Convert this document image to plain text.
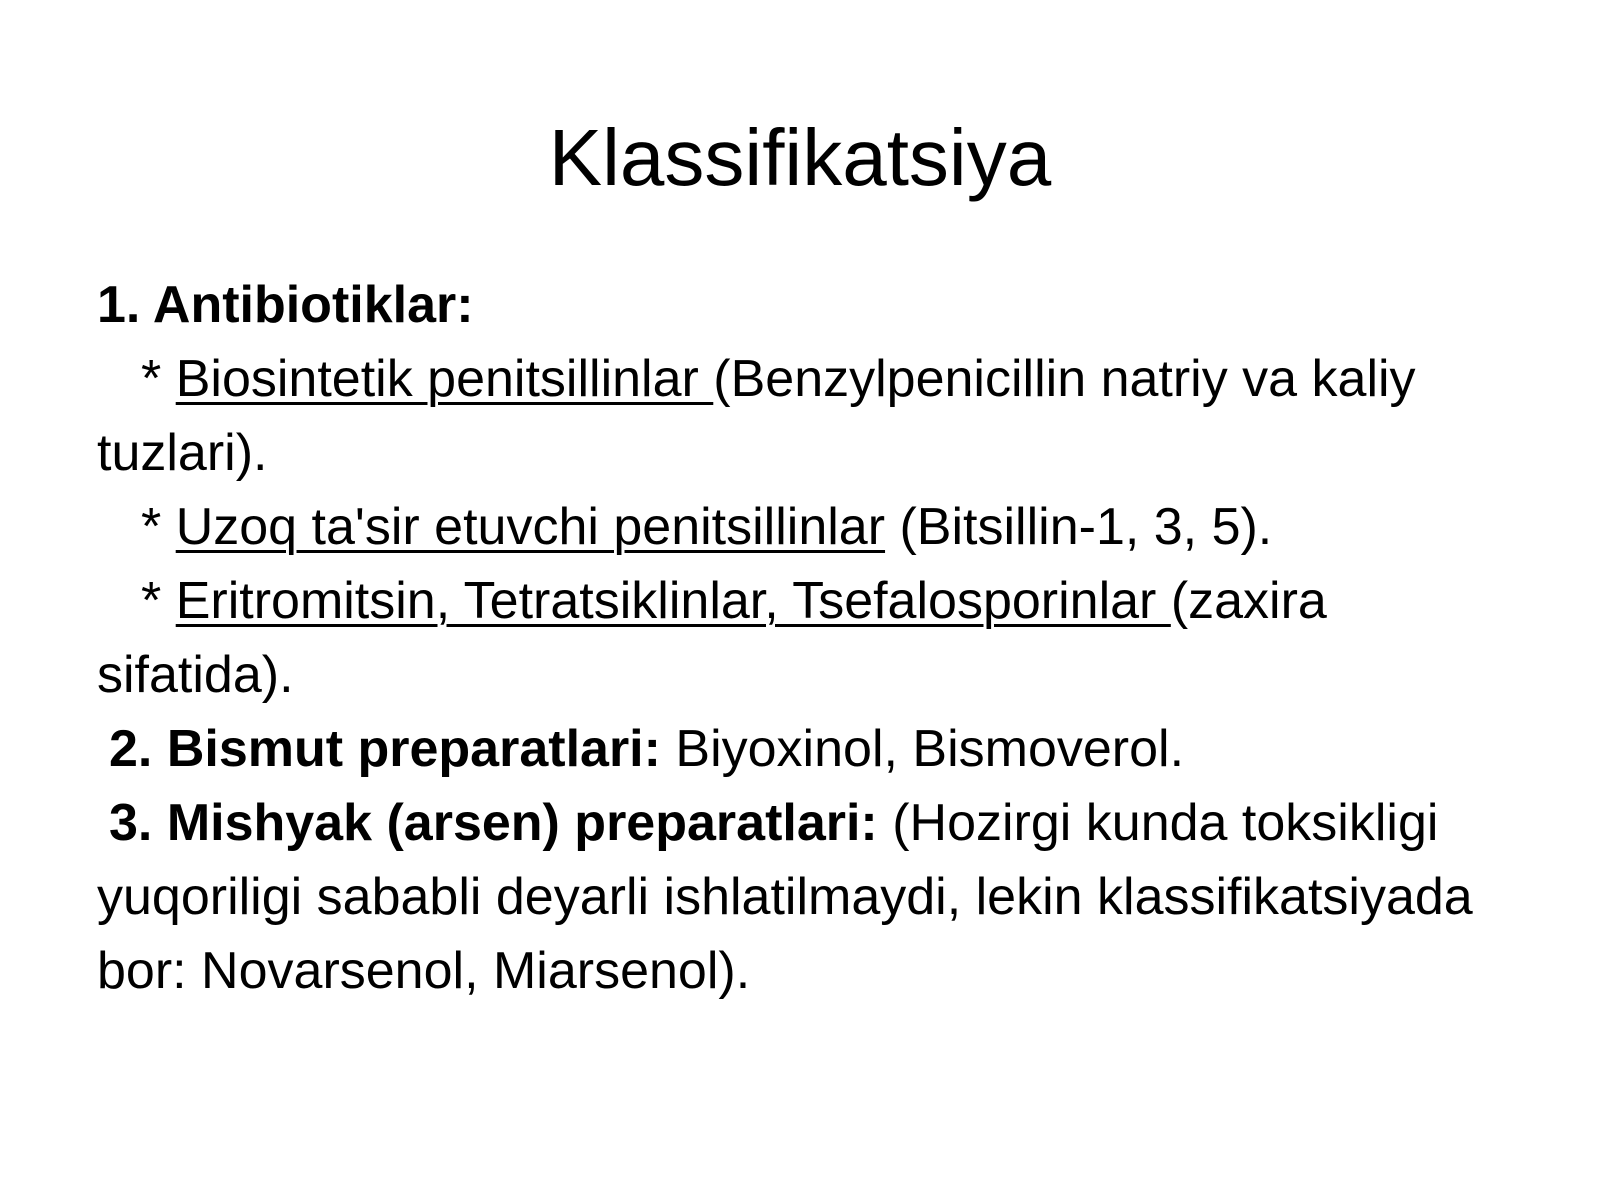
Klassifikatsiya

1. Antibiotiklar:

* Biosintetik penitsillinlar (Benzylpenicillin natriy va kaliy tuzlari).

* Uzoq ta'sir etuvchi penitsillinlar (Bitsillin-1, 3, 5).

* Eritromitsin, Tetratsiklinlar, Tsefalosporinlar (zaxira sifatida).

2. Bismut preparatlari: Biyoxinol, Bismoverol.

3. Mishyak (arsen) preparatlari: (Hozirgi kunda toksikligi yuqoriligi sababli deyarli ishlatilmaydi, lekin klassifikatsiyada bor: Novarsenol, Miarsenol).
